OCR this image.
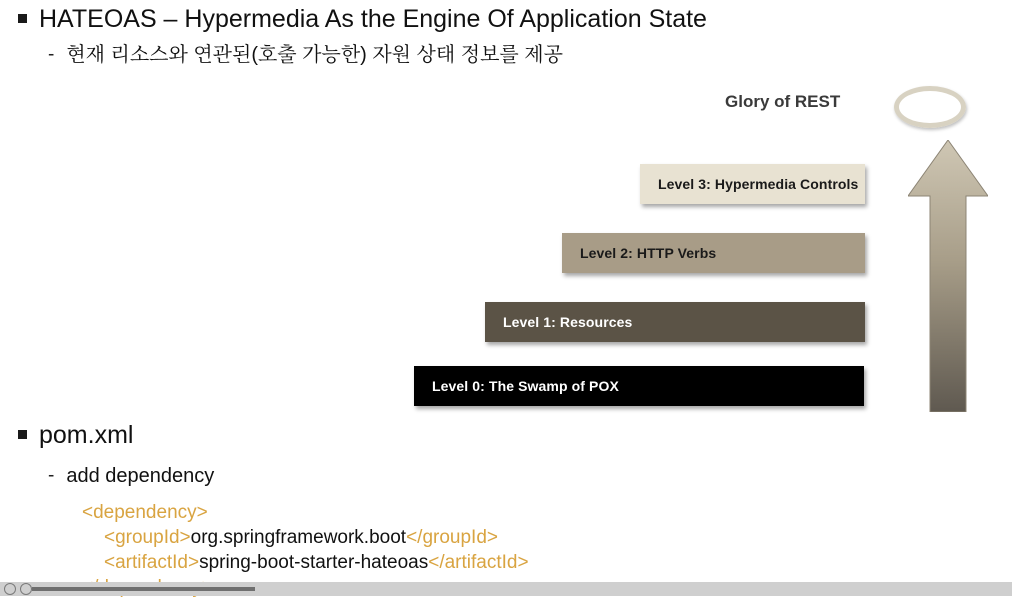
HATEOAS – Hypermedia As the Engine Of Application State
- 현재 리소스와 연관된(호출 가능한) 자원 상태 정보를 제공
Glory of REST
Level 3: Hypermedia Controls
Level 2: HTTP Verbs
Level 1: Resources
Level 0: The Swamp of POX
pom.xml
- add dependency
<dependency>
<groupId>org.springframework.boot</groupId>
<artifactId>spring-boot-starter-hateoas</artifactId>
